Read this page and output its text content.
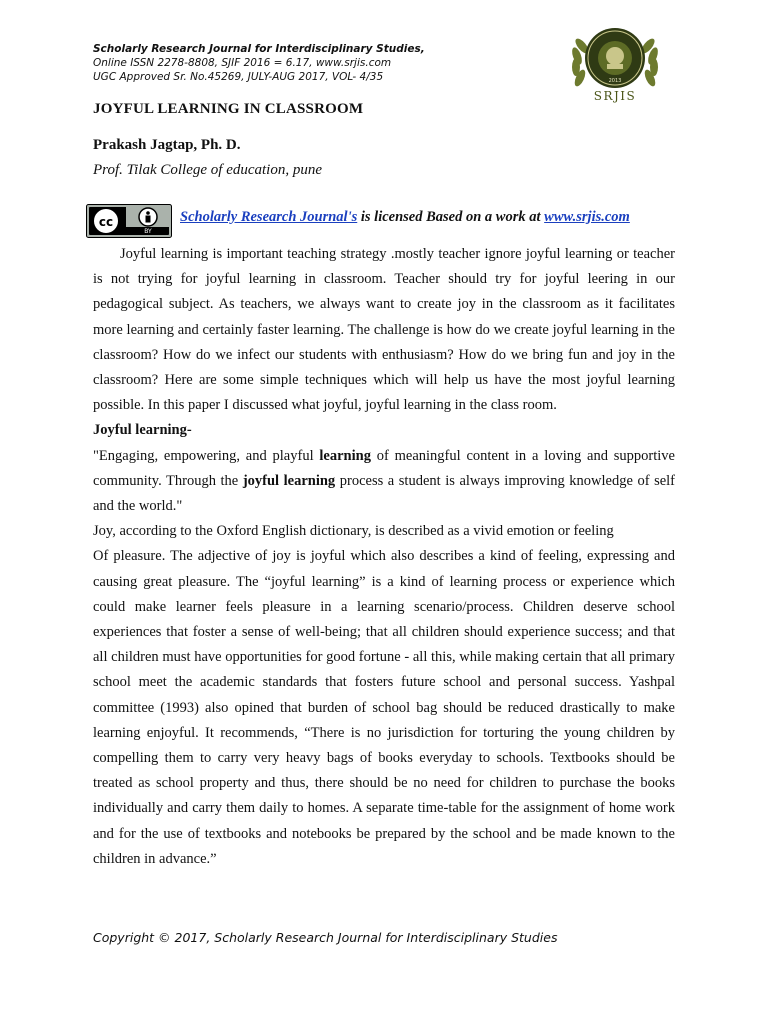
Scholarly Research Journal for Interdisciplinary Studies,
Online ISSN 2278-8808, SJIF 2016 = 6.17, www.srjis.com
UGC Approved Sr. No.45269, JULY-AUG 2017, VOL- 4/35	2013
SRJIS
JOYFUL LEARNING IN CLASSROOM
Prakash Jagtap, Ph. D.
Prof. Tilak College of education, pune
cc
BY
Scholarly Research Journal's is licensed Based on a work at www.srjis.com

Joyful learning is important teaching strategy .mostly teacher ignore joyful learning or teacher is not trying for joyful learning in classroom. Teacher should try for joyful leering in our pedagogical subject. As teachers, we always want to create joy in the classroom as it facilitates more learning and certainly faster learning. The challenge is how do we create joyful learning in the classroom? How do we infect our students with enthusiasm? How do we bring fun and joy in the classroom? Here are some simple techniques which will help us have the most joyful learning possible. In this paper I discussed what joyful, joyful learning in the class room.

Joyful learning-

"Engaging, empowering, and playful learning of meaningful content in a loving and supportive community. Through the joyful learning process a student is always improving knowledge of self and the world."

Joy, according to the Oxford English dictionary, is described as a vivid emotion or feeling

Of pleasure. The adjective of joy is joyful which also describes a kind of feeling, expressing and causing great pleasure. The “joyful learning” is a kind of learning process or experience which could make learner feels pleasure in a learning scenario/process. Children deserve school experiences that foster a sense of well-being; that all children should experience success; and that all children must have opportunities for good fortune - all this, while making certain that all primary school meet the academic standards that fosters future school and personal success. Yashpal committee (1993) also opined that burden of school bag should be reduced drastically to make learning enjoyful. It recommends, “There is no jurisdiction for torturing the young children by compelling them to carry very heavy bags of books everyday to schools. Textbooks should be treated as school property and thus, there should be no need for children to purchase the books individually and carry them daily to homes. A separate time-table for the assignment of home work and for the use of textbooks and notebooks be prepared by the school and be made known to the children in advance.”

Copyright © 2017, Scholarly Research Journal for Interdisciplinary Studies
